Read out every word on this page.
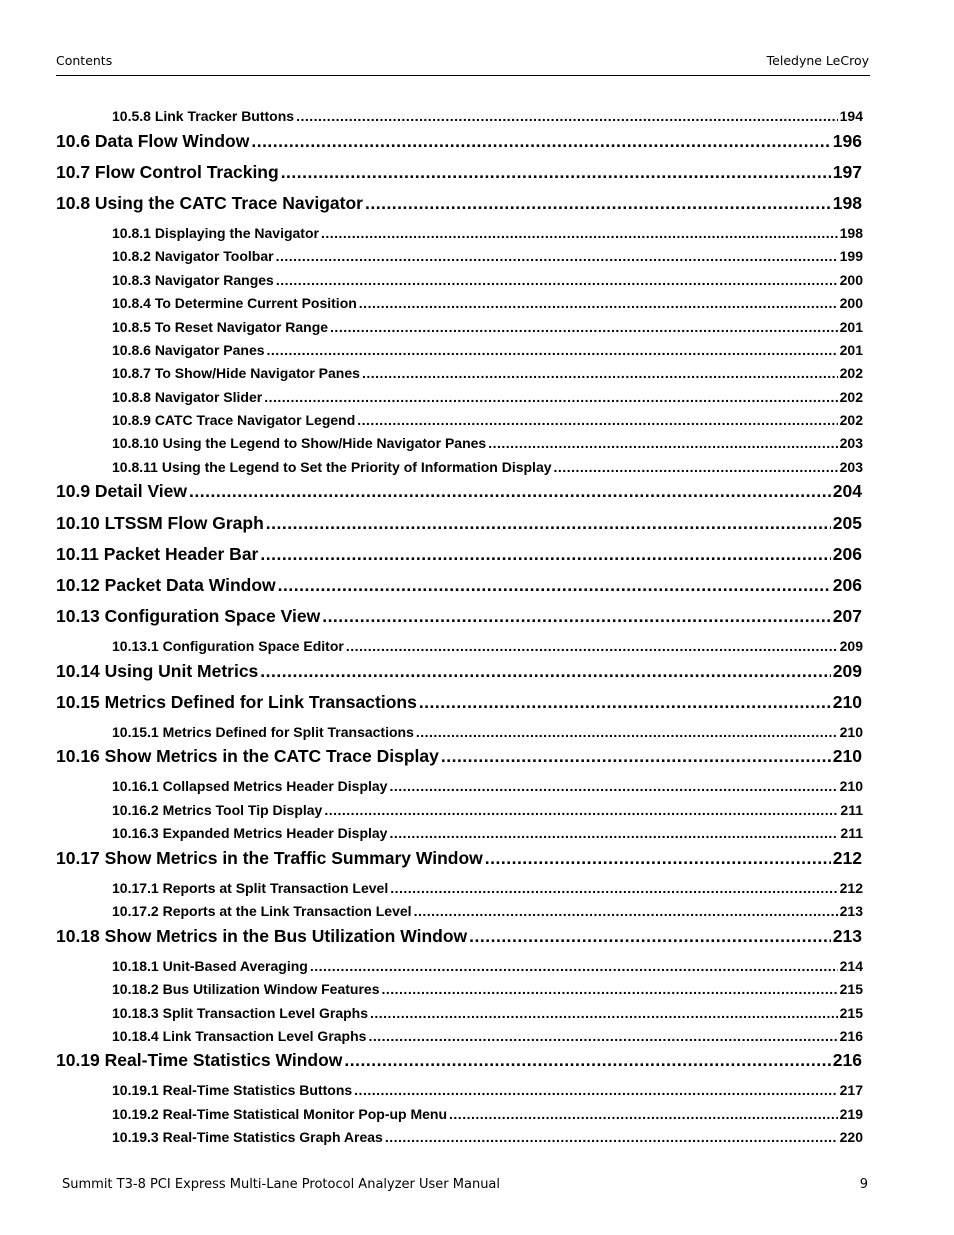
Contents	Teledyne LeCroy
10.5.8 Link Tracker Buttons .....	194
10.6 Data Flow Window .....	196
10.7 Flow Control Tracking .....	197
10.8 Using the CATC Trace Navigator .....	198
10.8.1 Displaying the Navigator .....	198
10.8.2 Navigator Toolbar .....	199
10.8.3 Navigator Ranges .....	200
10.8.4 To Determine Current Position .....	200
10.8.5 To Reset Navigator Range .....	201
10.8.6 Navigator Panes .....	201
10.8.7 To Show/Hide Navigator Panes .....	202
10.8.8 Navigator Slider .....	202
10.8.9 CATC Trace Navigator Legend .....	202
10.8.10 Using the Legend to Show/Hide Navigator Panes .....	203
10.8.11 Using the Legend to Set the Priority of Information Display .....	203
10.9 Detail View .....	204
10.10 LTSSM Flow Graph .....	205
10.11 Packet Header Bar .....	206
10.12 Packet Data Window .....	206
10.13 Configuration Space View .....	207
10.13.1 Configuration Space Editor .....	209
10.14 Using Unit Metrics .....	209
10.15 Metrics Defined for Link Transactions .....	210
10.15.1 Metrics Defined for Split Transactions .....	210
10.16 Show Metrics in the CATC Trace Display .....	210
10.16.1 Collapsed Metrics Header Display .....	210
10.16.2 Metrics Tool Tip Display .....	211
10.16.3 Expanded Metrics Header Display .....	211
10.17 Show Metrics in the Traffic Summary Window .....	212
10.17.1 Reports at Split Transaction Level .....	212
10.17.2 Reports at the Link Transaction Level .....	213
10.18 Show Metrics in the Bus Utilization Window .....	213
10.18.1 Unit-Based Averaging .....	214
10.18.2 Bus Utilization Window Features .....	215
10.18.3 Split Transaction Level Graphs .....	215
10.18.4 Link Transaction Level Graphs .....	216
10.19 Real-Time Statistics Window .....	216
10.19.1 Real-Time Statistics Buttons .....	217
10.19.2 Real-Time Statistical Monitor Pop-up Menu .....	219
10.19.3 Real-Time Statistics Graph Areas .....	220
Summit T3-8 PCI Express Multi-Lane Protocol Analyzer User Manual	9
